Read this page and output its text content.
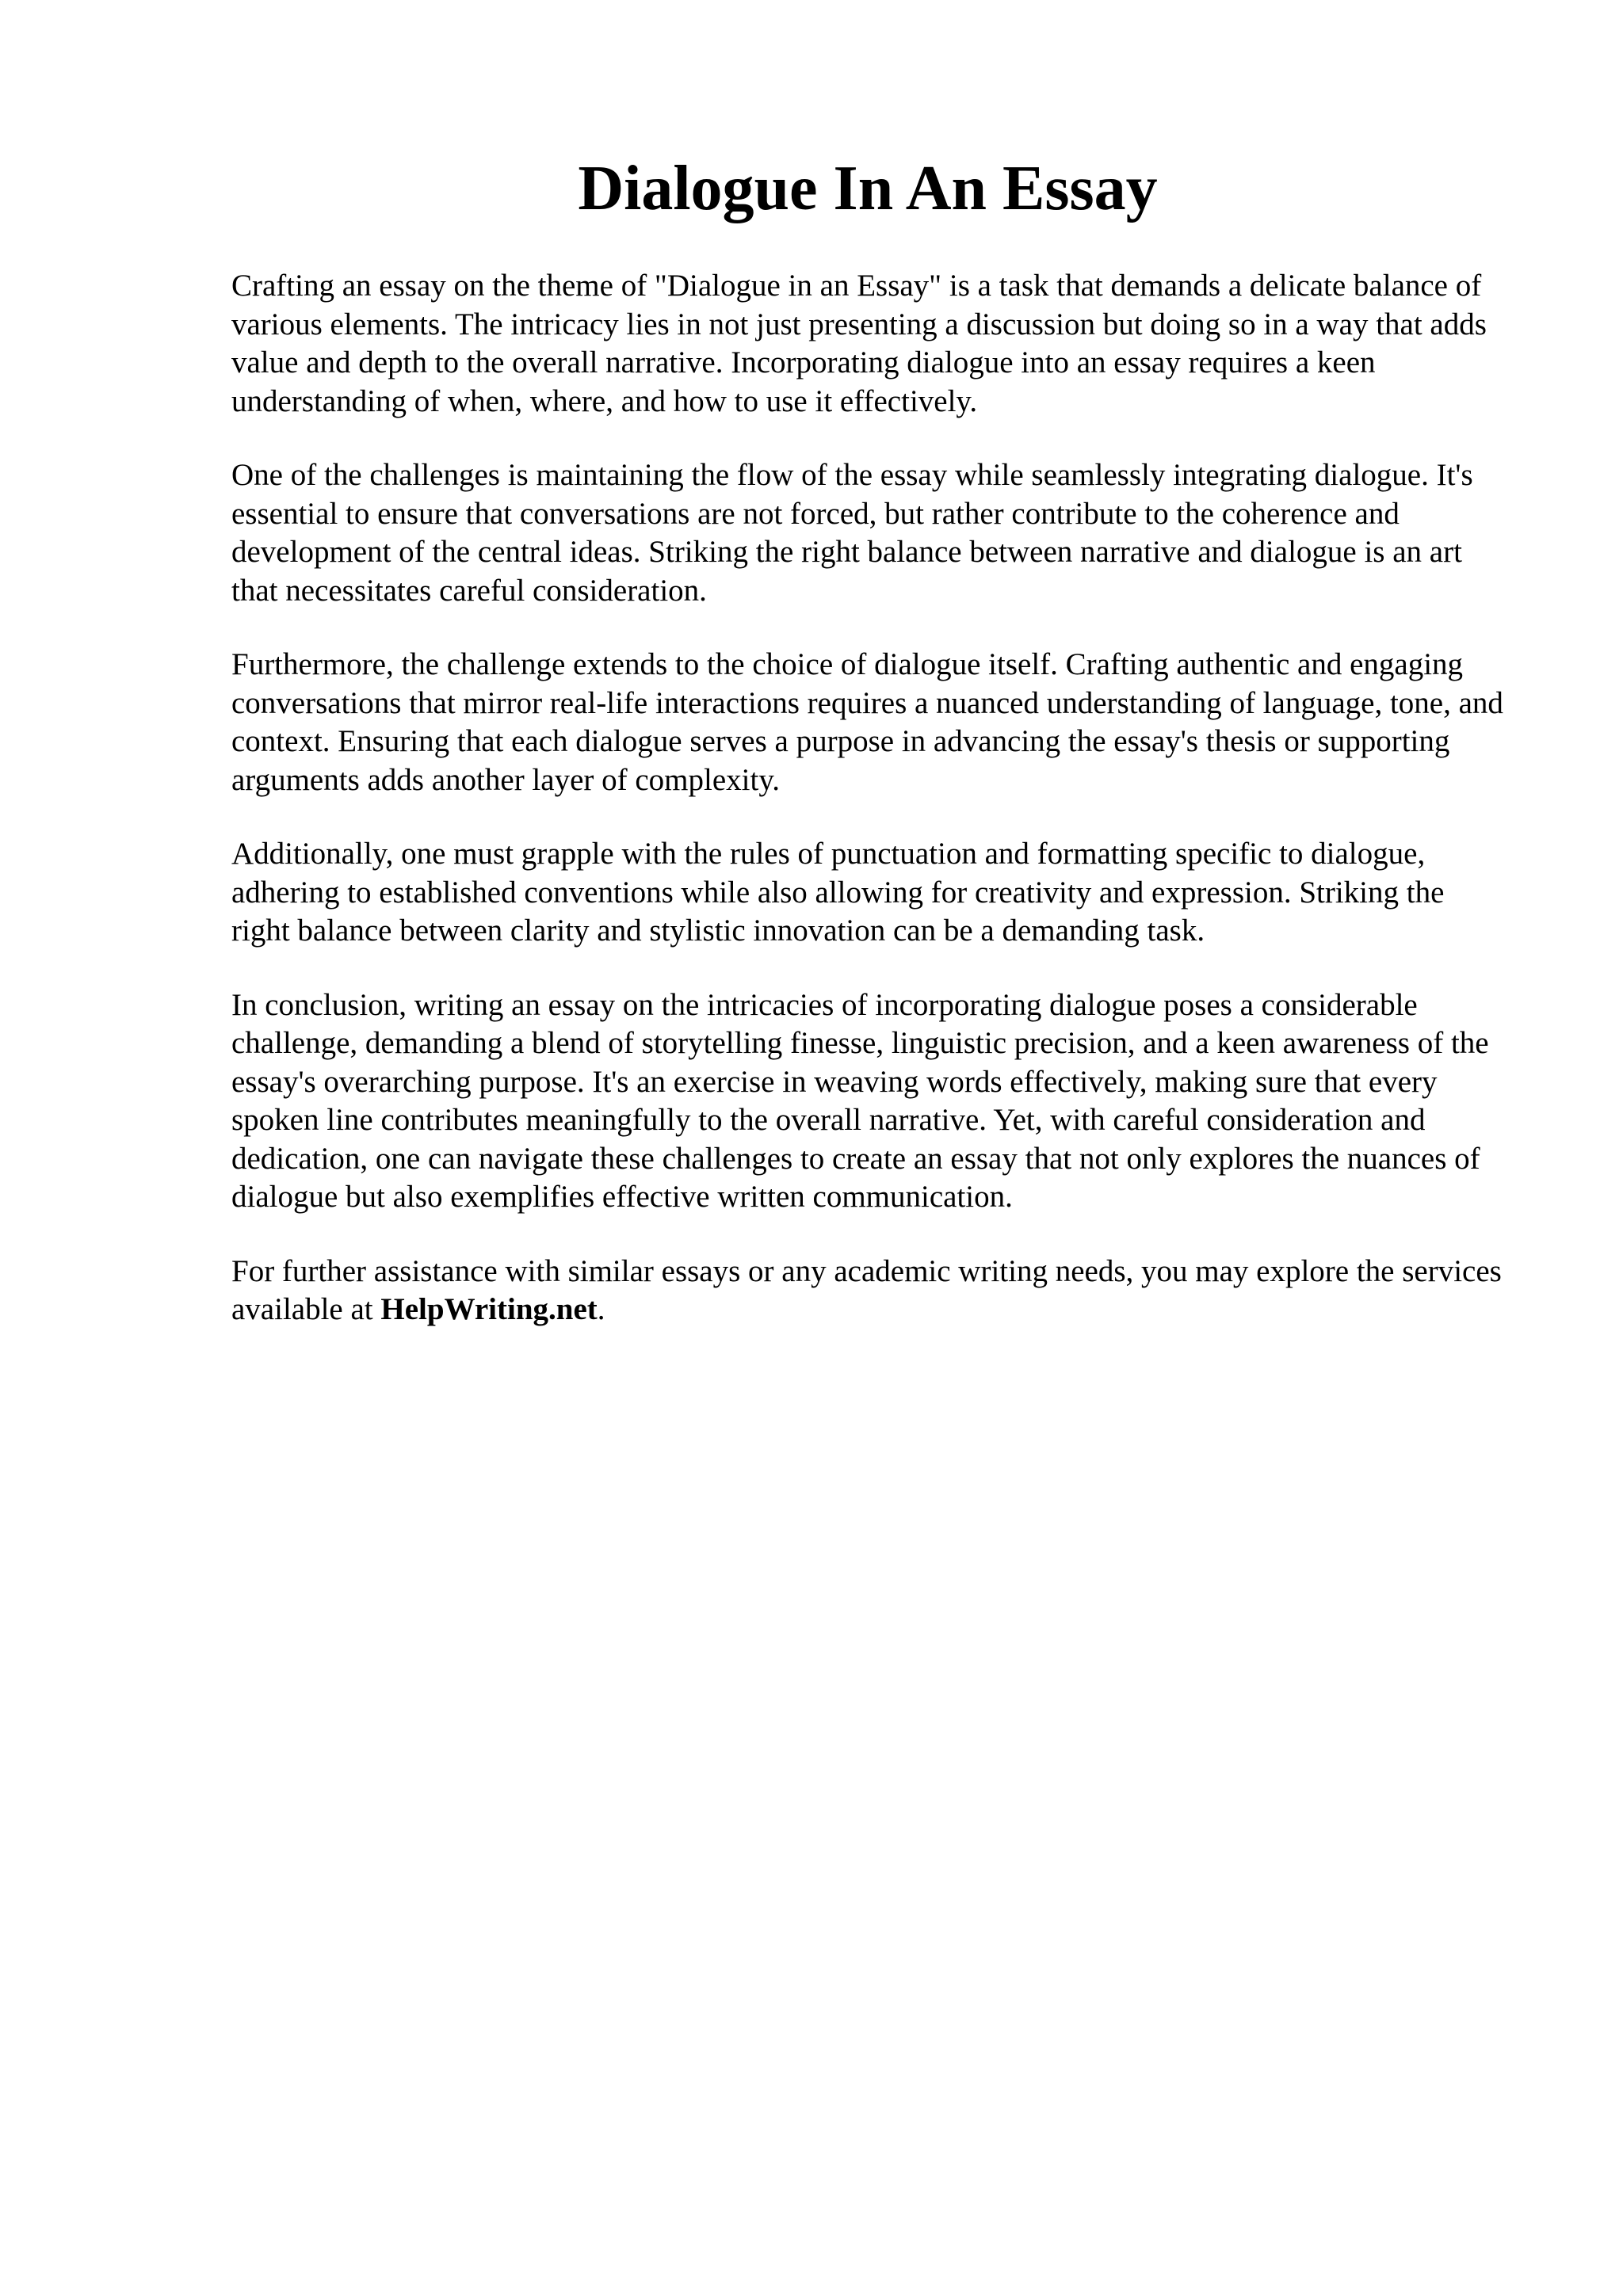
Dialogue In An Essay

Crafting an essay on the theme of "Dialogue in an Essay" is a task that demands a delicate balance of various elements. The intricacy lies in not just presenting a discussion but doing so in a way that adds value and depth to the overall narrative. Incorporating dialogue into an essay requires a keen understanding of when, where, and how to use it effectively.

One of the challenges is maintaining the flow of the essay while seamlessly integrating dialogue. It's essential to ensure that conversations are not forced, but rather contribute to the coherence and development of the central ideas. Striking the right balance between narrative and dialogue is an art that necessitates careful consideration.

Furthermore, the challenge extends to the choice of dialogue itself. Crafting authentic and engaging conversations that mirror real-life interactions requires a nuanced understanding of language, tone, and context. Ensuring that each dialogue serves a purpose in advancing the essay's thesis or supporting arguments adds another layer of complexity.

Additionally, one must grapple with the rules of punctuation and formatting specific to dialogue, adhering to established conventions while also allowing for creativity and expression. Striking the right balance between clarity and stylistic innovation can be a demanding task.

In conclusion, writing an essay on the intricacies of incorporating dialogue poses a considerable challenge, demanding a blend of storytelling finesse, linguistic precision, and a keen awareness of the essay's overarching purpose. It's an exercise in weaving words effectively, making sure that every spoken line contributes meaningfully to the overall narrative. Yet, with careful consideration and dedication, one can navigate these challenges to create an essay that not only explores the nuances of dialogue but also exemplifies effective written communication.

For further assistance with similar essays or any academic writing needs, you may explore the services available at HelpWriting.net.
